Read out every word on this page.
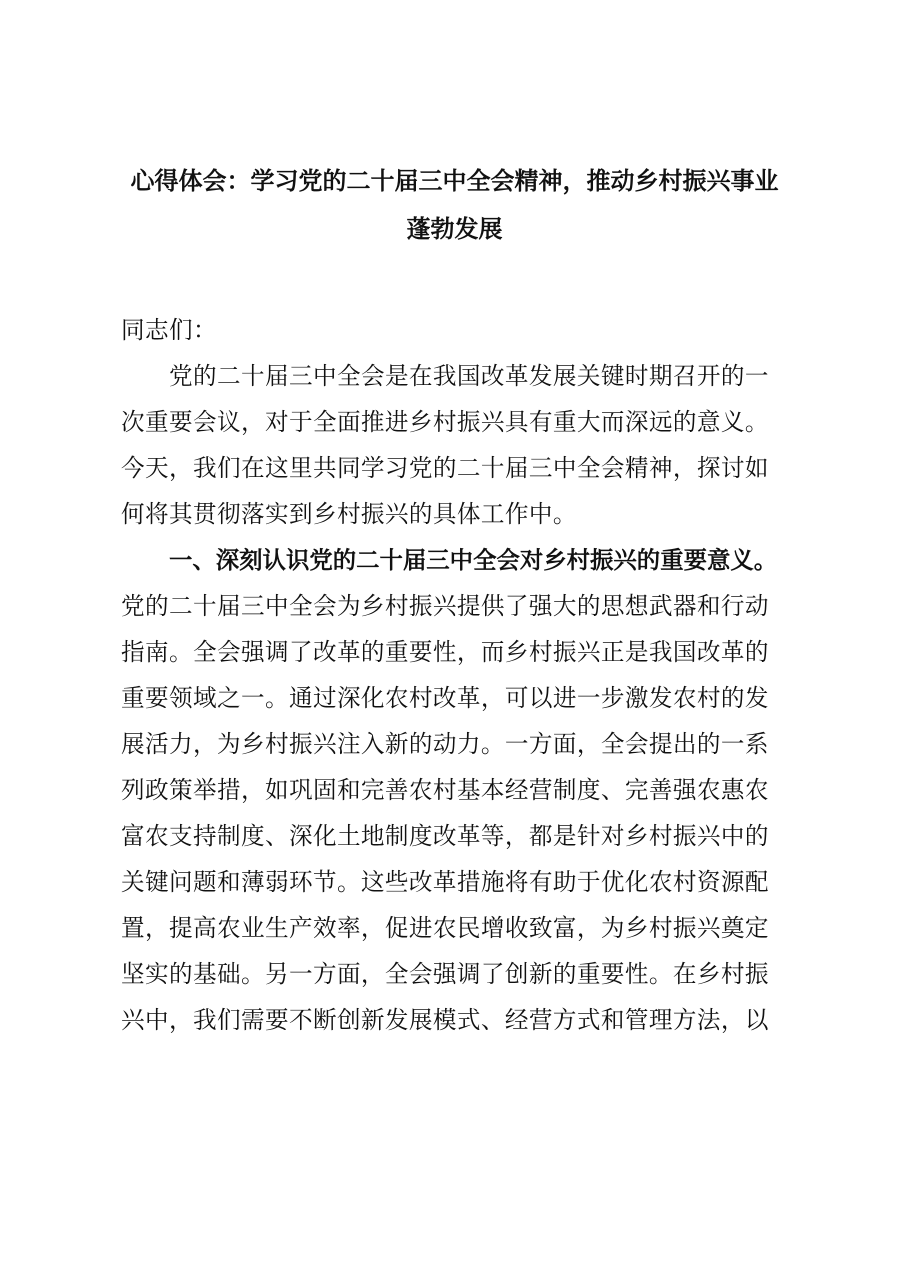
心得体会：学习党的二十届三中全会精神，推动乡村振兴事业
蓬勃发展
同志们：
党的二十届三中全会是在我国改革发展关键时期召开的一
次重要会议，对于全面推进乡村振兴具有重大而深远的意义。
今天，我们在这里共同学习党的二十届三中全会精神，探讨如
何将其贯彻落实到乡村振兴的具体工作中。
一、深刻认识党的二十届三中全会对乡村振兴的重要意义。
党的二十届三中全会为乡村振兴提供了强大的思想武器和行动
指南。全会强调了改革的重要性，而乡村振兴正是我国改革的
重要领域之一。通过深化农村改革，可以进一步激发农村的发
展活力，为乡村振兴注入新的动力。一方面，全会提出的一系
列政策举措，如巩固和完善农村基本经营制度、完善强农惠农
富农支持制度、深化土地制度改革等，都是针对乡村振兴中的
关键问题和薄弱环节。这些改革措施将有助于优化农村资源配
置，提高农业生产效率，促进农民增收致富，为乡村振兴奠定
坚实的基础。另一方面，全会强调了创新的重要性。在乡村振
兴中，我们需要不断创新发展模式、经营方式和管理方法，以
